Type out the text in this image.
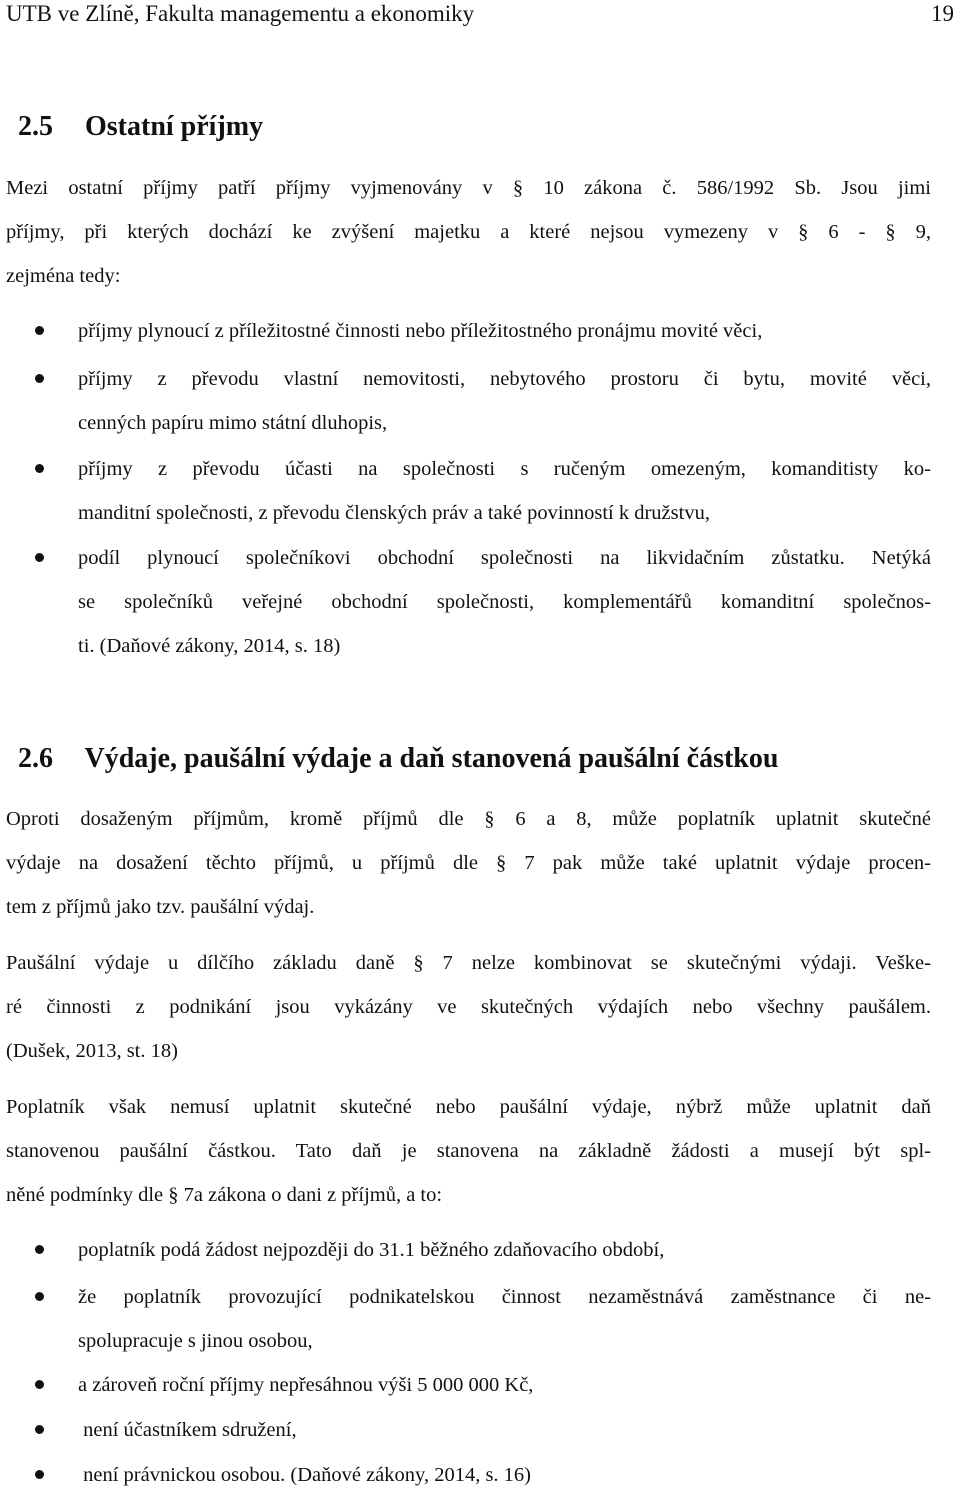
UTB ve Zlíně, Fakulta managementu a ekonomiky	19
2.5 Ostatní příjmy
Mezi ostatní příjmy patří příjmy vyjmenovány v § 10 zákona č. 586/1992 Sb. Jsou jimi
příjmy, při kterých dochází ke zvýšení majetku a které nejsou vymezeny v § 6 - § 9,
zejména tedy:
příjmy plynoucí z příležitostné činnosti nebo příležitostného pronájmu movité věci,
příjmy z převodu vlastní nemovitosti, nebytového prostoru či bytu, movité věci,
cenných papíru mimo státní dluhopis,
příjmy z převodu účasti na společnosti s ručeným omezeným, komanditisty ko-
manditní společnosti, z převodu členských práv a také povinností k družstvu,
podíl plynoucí společníkovi obchodní společnosti na likvidačním zůstatku. Netýká
se společníků veřejné obchodní společnosti, komplementářů komanditní společnos-
ti. (Daňové zákony, 2014, s. 18)
2.6 Výdaje, paušální výdaje a daň stanovená paušální částkou
Oproti dosaženým příjmům, kromě příjmů dle § 6 a 8, může poplatník uplatnit skutečné
výdaje na dosažení těchto příjmů, u příjmů dle § 7 pak může také uplatnit výdaje procen-
tem z příjmů jako tzv. paušální výdaj.
Paušální výdaje u dílčího základu daně § 7 nelze kombinovat se skutečnými výdaji. Veške-
ré činnosti z podnikání jsou vykázány ve skutečných výdajích nebo všechny paušálem.
(Dušek, 2013, st. 18)
Poplatník však nemusí uplatnit skutečné nebo paušální výdaje, nýbrž může uplatnit daň
stanovenou paušální částkou. Tato daň je stanovena na základně žádosti a musejí být spl-
něné podmínky dle § 7a zákona o dani z příjmů, a to:
poplatník podá žádost nejpozději do 31.1 běžného zdaňovacího období,
že poplatník provozující podnikatelskou činnost nezaměstnává zaměstnance či ne-
spolupracuje s jinou osobou,
a zároveň roční příjmy nepřesáhnou výši 5 000 000 Kč,
není účastníkem sdružení,
není právnickou osobou. (Daňové zákony, 2014, s. 16)
